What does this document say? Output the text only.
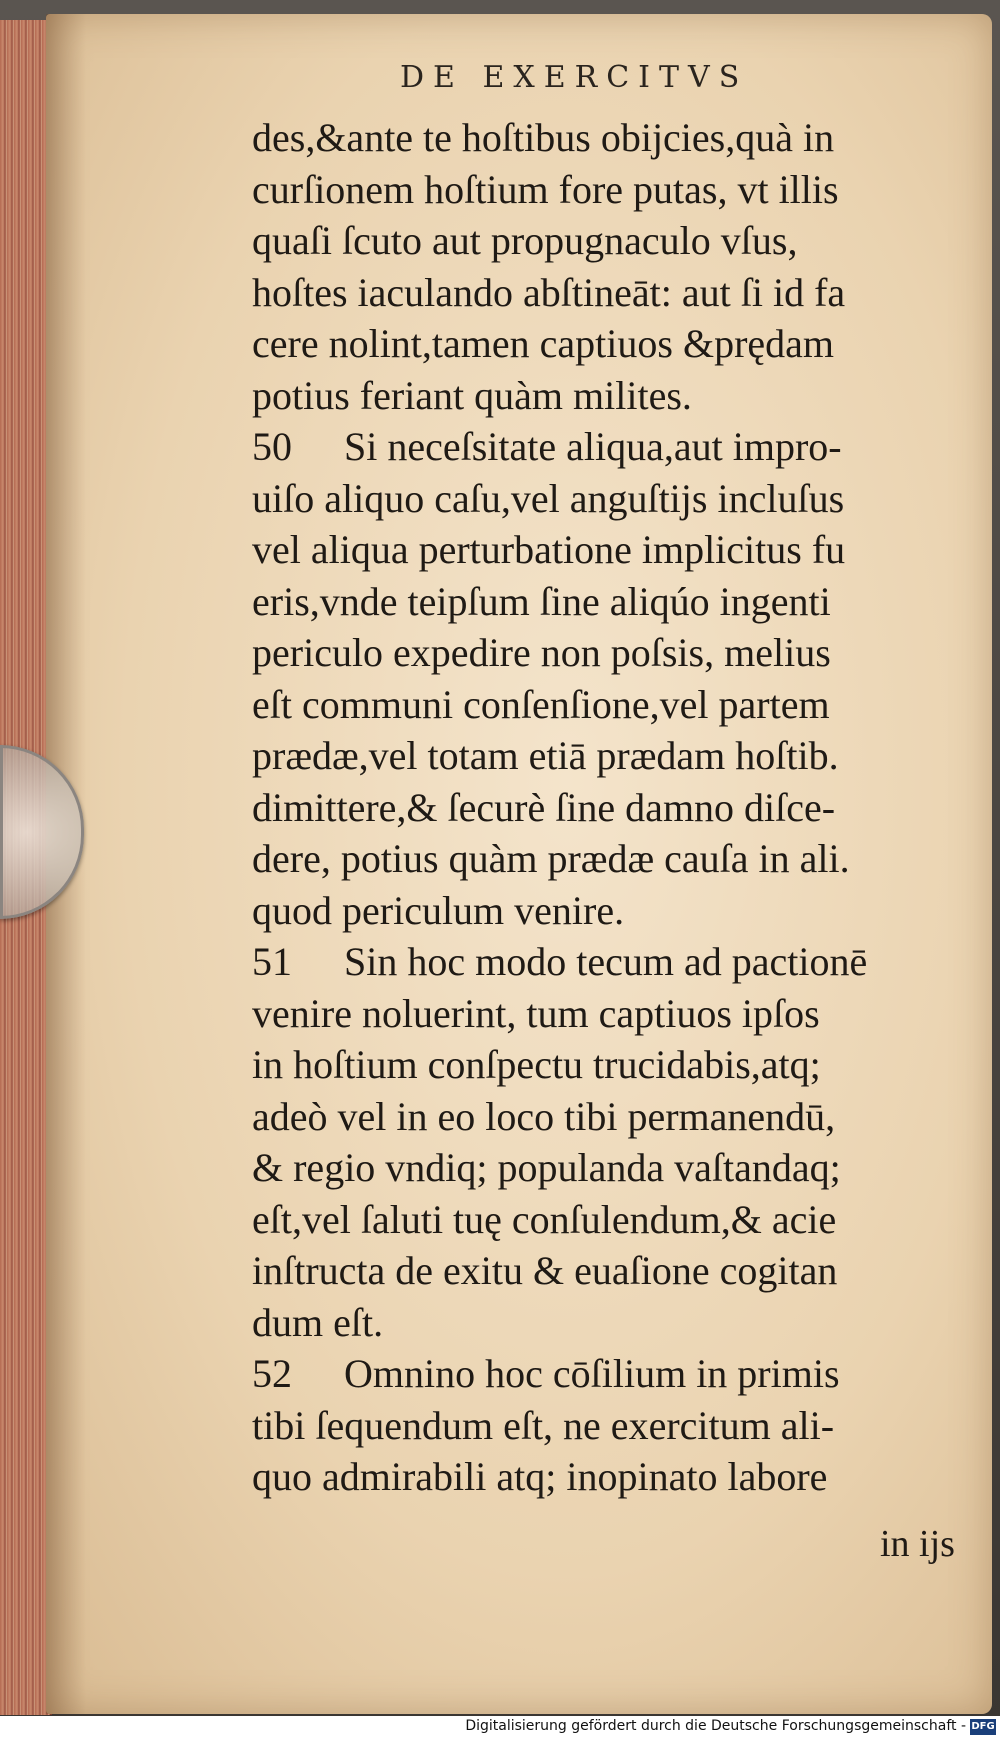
DE EXERCITVS
des,&ante te hoſtibus obijcies,quà in
curſionem hoſtium fore putas, vt illis
quaſi ſcuto aut propugnaculo vſus,
hoſtes iaculando abſtineāt: aut ſi id fa
cere nolint,tamen captiuos &prędam
potius feriant quàm milites.
50 Si neceſsitate aliqua,aut impro-
uiſo aliquo caſu,vel anguſtijs incluſus
vel aliqua perturbatione implicitus fu
eris,vnde teipſum ſine aliqúo ingenti
periculo expedire non poſsis, melius
eſt communi conſenſione,vel partem
prædæ,vel totam etiā prædam hoſtib.
dimittere,& ſecurè ſine damno diſce-
dere, potius quàm prædæ cauſa in ali.
quod periculum venire.
51 Sin hoc modo tecum ad pactionē
venire noluerint, tum captiuos ipſos
in hoſtium conſpectu trucidabis,atq;
adeò vel in eo loco tibi permanendū,
& regio vndiq; populanda vaſtandaq;
eſt,vel ſaluti tuę conſulendum,& acie
inſtructa de exitu & euaſione cogitan
dum eſt.
52 Omnino hoc cōſilium in primis
tibi ſequendum eſt, ne exercitum ali-
quo admirabili atq; inopinato labore
in ijs
Digitalisierung gefördert durch die Deutsche Forschungsgemeinschaft - DFG
